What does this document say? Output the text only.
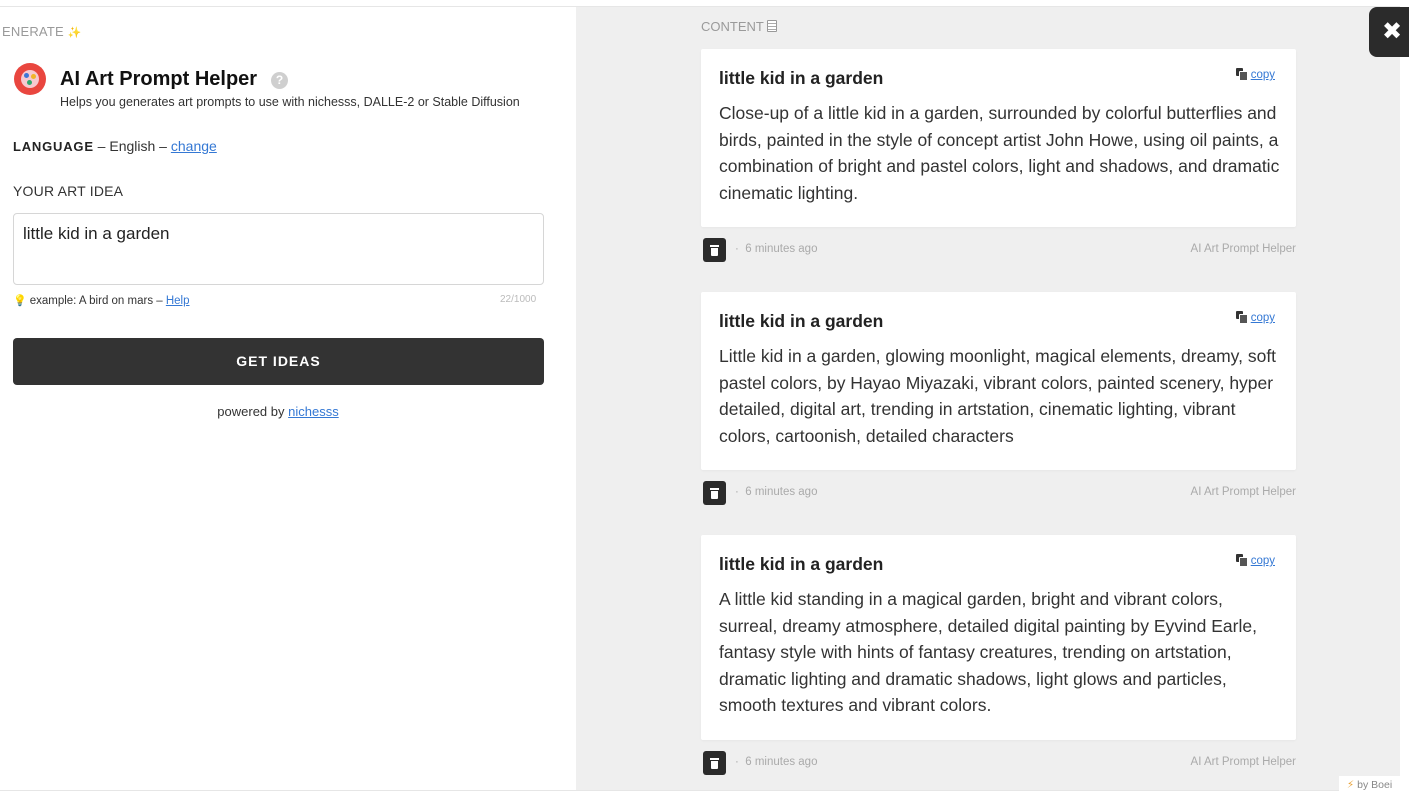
ENERATE ✨
AI Art Prompt Helper	?
Helps you generates art prompts to use with nichesss, DALLE-2 or Stable Diffusion
LANGUAGE – English – change
YOUR ART IDEA
little kid in a garden
💡 example: A bird on mars – Help	22/1000
GET IDEAS
powered by nichesss
CONTENT
little kid in a garden	copy
Close-up of a little kid in a garden, surrounded by colorful butterflies and birds, painted in the style of concept artist John Howe, using oil paints, a combination of bright and pastel colors, light and shadows, and dramatic cinematic lighting.
· 6 minutes ago	AI Art Prompt Helper
little kid in a garden	copy
Little kid in a garden, glowing moonlight, magical elements, dreamy, soft pastel colors, by Hayao Miyazaki, vibrant colors, painted scenery, hyper detailed, digital art, trending in artstation, cinematic lighting, vibrant colors, cartoonish, detailed characters
· 6 minutes ago	AI Art Prompt Helper
little kid in a garden	copy
A little kid standing in a magical garden, bright and vibrant colors, surreal, dreamy atmosphere, detailed digital painting by Eyvind Earle, fantasy style with hints of fantasy creatures, trending on artstation, dramatic lighting and dramatic shadows, light glows and particles, smooth textures and vibrant colors.
· 6 minutes ago	AI Art Prompt Helper
✖
⚡ by Boei
